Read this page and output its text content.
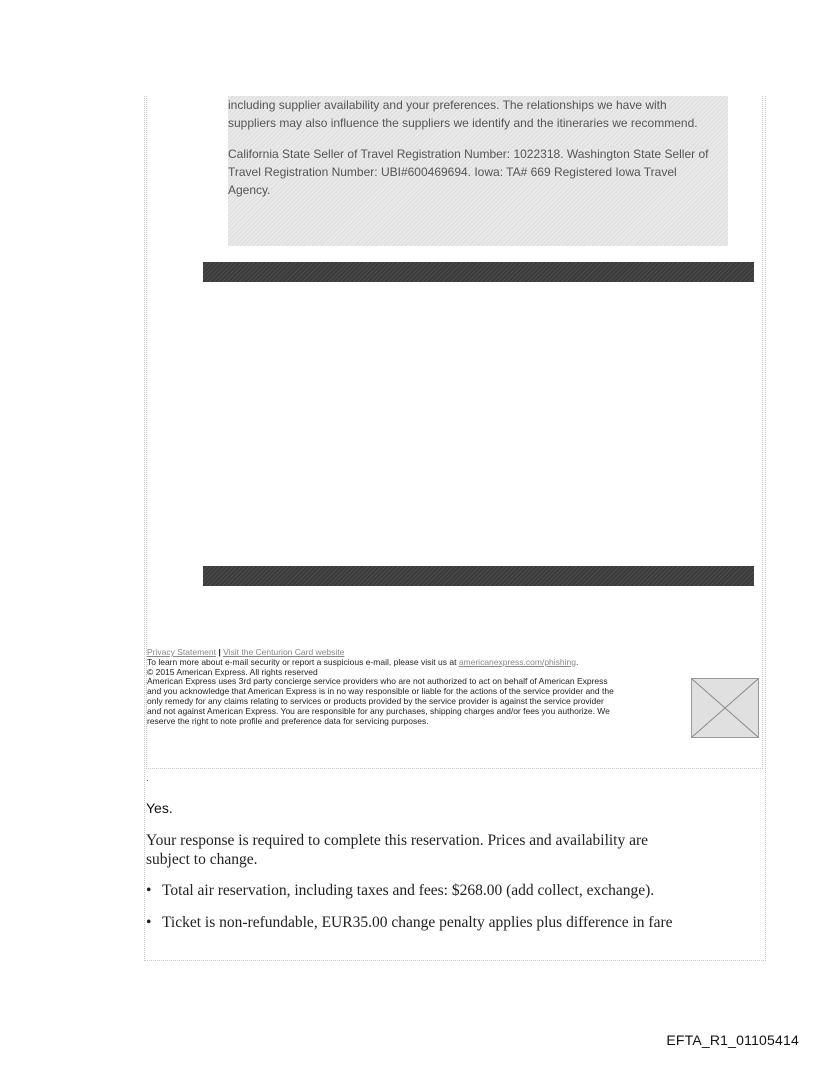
including supplier availability and your preferences. The relationships we have with
suppliers may also influence the suppliers we identify and the itineraries we recommend.

California State Seller of Travel Registration Number: 1022318. Washington State Seller of
Travel Registration Number: UBI#600469694. Iowa: TA# 669 Registered Iowa Travel
Agency.

Privacy Statement | Visit the Centurion Card website
To learn more about e-mail security or report a suspicious e-mail, please visit us at americanexpress.com/phishing.
© 2015 American Express. All rights reserved
American Express uses 3rd party concierge service providers who are not authorized to act on behalf of American Express
and you acknowledge that American Express is in no way responsible or liable for the actions of the service provider and the
only remedy for any claims relating to services or products provided by the service provider is against the service provider
and not against American Express. You are responsible for any purchases, shipping charges and/or fees you authorize. We
reserve the right to note profile and preference data for servicing purposes.
.
Yes.

Your response is required to complete this reservation. Prices and availability are
subject to change.

• Total air reservation, including taxes and fees: $268.00 (add collect, exchange).

• Ticket is non-refundable, EUR35.00 change penalty applies plus difference in fare

EFTA_R1_01105414
